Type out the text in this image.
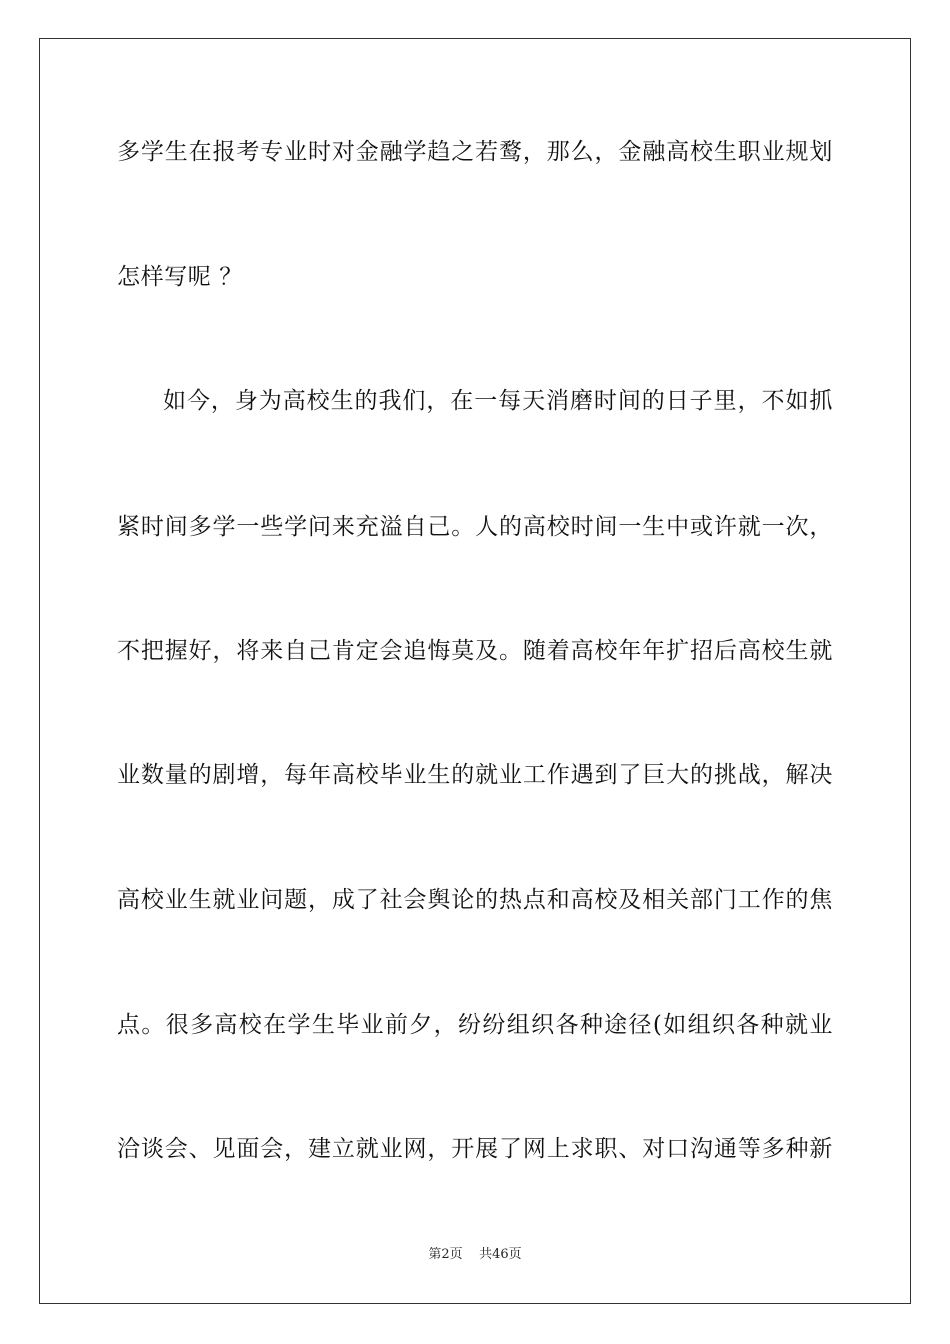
多学生在报考专业时对金融学趋之若鹜，那么，金融高校生职业规划
怎样写呢 ？
如今，身为高校生的我们，在一每天消磨时间的日子里，不如抓
紧时间多学一些学问来充溢自己。人的高校时间一生中或许就一次，
不把握好，将来自己肯定会追悔莫及。随着高校年年扩招后高校生就
业数量的剧增，每年高校毕业生的就业工作遇到了巨大的挑战，解决
高校业生就业问题，成了社会舆论的热点和高校及相关部门工作的焦
点。很多高校在学生毕业前夕，纷纷组织各种途径(如组织各种就业
洽谈会、见面会，建立就业网，开展了网上求职、对口沟通等多种新
第2页 共46页
